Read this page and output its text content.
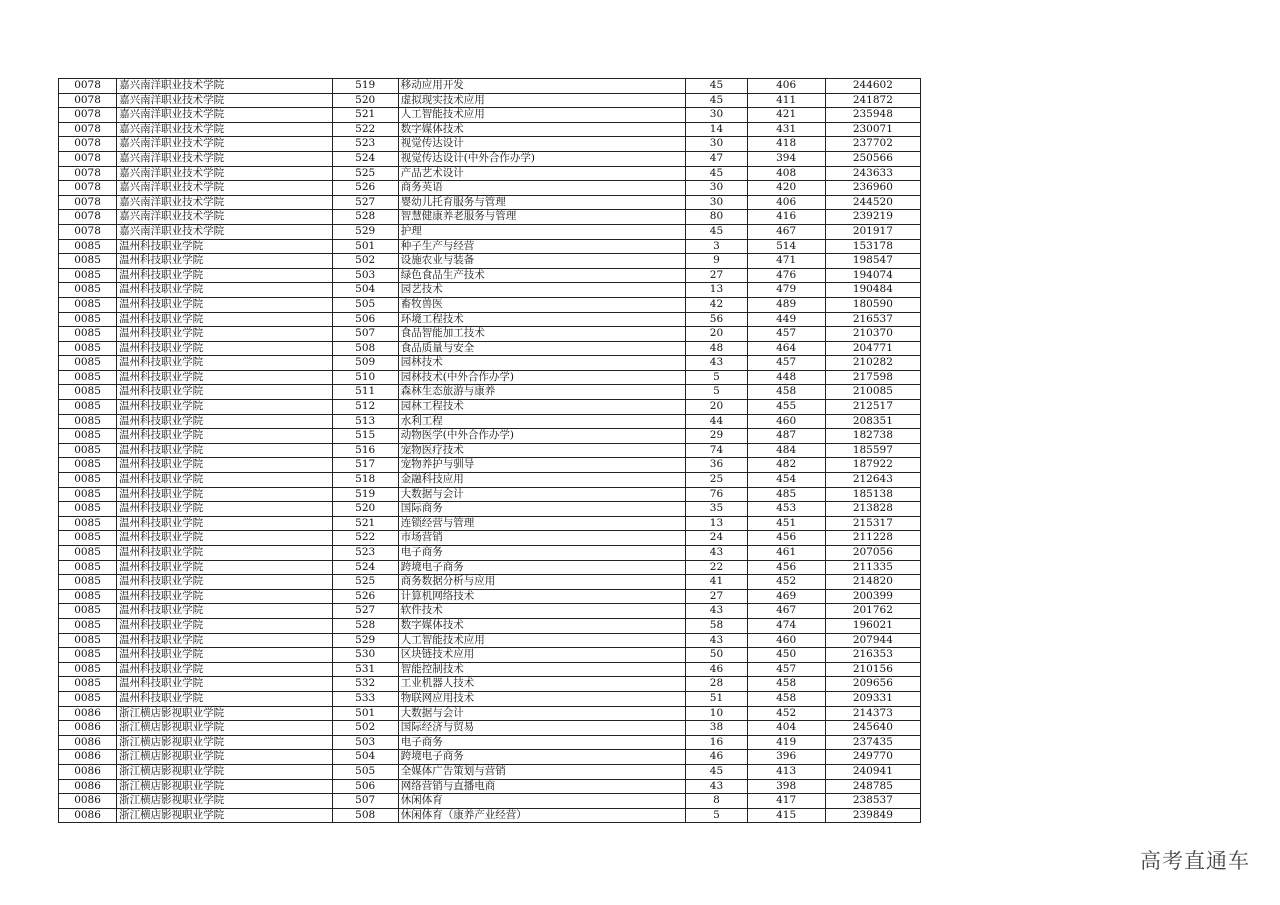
0078	嘉兴南洋职业技术学院	519	移动应用开发	45	406	244602
0078	嘉兴南洋职业技术学院	520	虚拟现实技术应用	45	411	241872
0078	嘉兴南洋职业技术学院	521	人工智能技术应用	30	421	235948
0078	嘉兴南洋职业技术学院	522	数字媒体技术	14	431	230071
0078	嘉兴南洋职业技术学院	523	视觉传达设计	30	418	237702
0078	嘉兴南洋职业技术学院	524	视觉传达设计(中外合作办学)	47	394	250566
0078	嘉兴南洋职业技术学院	525	产品艺术设计	45	408	243633
0078	嘉兴南洋职业技术学院	526	商务英语	30	420	236960
0078	嘉兴南洋职业技术学院	527	婴幼儿托育服务与管理	30	406	244520
0078	嘉兴南洋职业技术学院	528	智慧健康养老服务与管理	80	416	239219
0078	嘉兴南洋职业技术学院	529	护理	45	467	201917
0085	温州科技职业学院	501	种子生产与经营	3	514	153178
0085	温州科技职业学院	502	设施农业与装备	9	471	198547
0085	温州科技职业学院	503	绿色食品生产技术	27	476	194074
0085	温州科技职业学院	504	园艺技术	13	479	190484
0085	温州科技职业学院	505	畜牧兽医	42	489	180590
0085	温州科技职业学院	506	环境工程技术	56	449	216537
0085	温州科技职业学院	507	食品智能加工技术	20	457	210370
0085	温州科技职业学院	508	食品质量与安全	48	464	204771
0085	温州科技职业学院	509	园林技术	43	457	210282
0085	温州科技职业学院	510	园林技术(中外合作办学)	5	448	217598
0085	温州科技职业学院	511	森林生态旅游与康养	5	458	210085
0085	温州科技职业学院	512	园林工程技术	20	455	212517
0085	温州科技职业学院	513	水利工程	44	460	208351
0085	温州科技职业学院	515	动物医学(中外合作办学)	29	487	182738
0085	温州科技职业学院	516	宠物医疗技术	74	484	185597
0085	温州科技职业学院	517	宠物养护与驯导	36	482	187922
0085	温州科技职业学院	518	金融科技应用	25	454	212643
0085	温州科技职业学院	519	大数据与会计	76	485	185138
0085	温州科技职业学院	520	国际商务	35	453	213828
0085	温州科技职业学院	521	连锁经营与管理	13	451	215317
0085	温州科技职业学院	522	市场营销	24	456	211228
0085	温州科技职业学院	523	电子商务	43	461	207056
0085	温州科技职业学院	524	跨境电子商务	22	456	211335
0085	温州科技职业学院	525	商务数据分析与应用	41	452	214820
0085	温州科技职业学院	526	计算机网络技术	27	469	200399
0085	温州科技职业学院	527	软件技术	43	467	201762
0085	温州科技职业学院	528	数字媒体技术	58	474	196021
0085	温州科技职业学院	529	人工智能技术应用	43	460	207944
0085	温州科技职业学院	530	区块链技术应用	50	450	216353
0085	温州科技职业学院	531	智能控制技术	46	457	210156
0085	温州科技职业学院	532	工业机器人技术	28	458	209656
0085	温州科技职业学院	533	物联网应用技术	51	458	209331
0086	浙江横店影视职业学院	501	大数据与会计	10	452	214373
0086	浙江横店影视职业学院	502	国际经济与贸易	38	404	245640
0086	浙江横店影视职业学院	503	电子商务	16	419	237435
0086	浙江横店影视职业学院	504	跨境电子商务	46	396	249770
0086	浙江横店影视职业学院	505	全媒体广告策划与营销	45	413	240941
0086	浙江横店影视职业学院	506	网络营销与直播电商	43	398	248785
0086	浙江横店影视职业学院	507	休闲体育	8	417	238537
0086	浙江横店影视职业学院	508	休闲体育（康养产业经营）	5	415	239849
高考直通车
